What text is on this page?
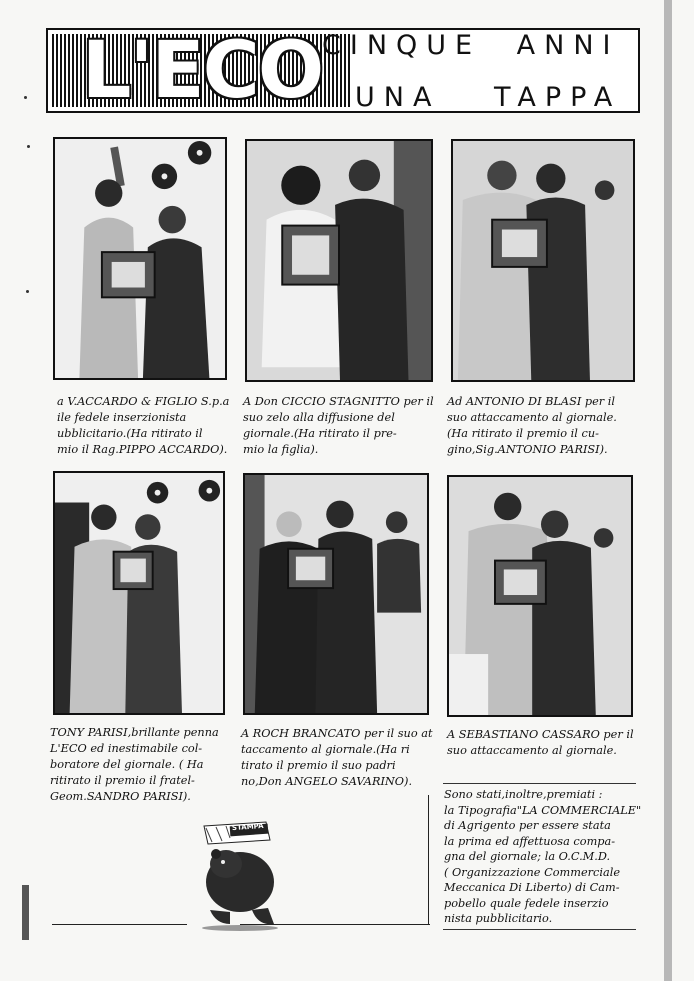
L'ECO CINQUE ANNI
UNA TAPPA

a V.ACCARDO & FIGLIO S.p.a

ile fedele inserzionista

ubblicitario.(Ha ritirato il

mio il Rag.PIPPO ACCARDO).

A Don CICCIO STAGNITTO per il

suo zelo alla diffusione del

giornale.(Ha ritirato il pre-

mio la figlia).

Ad ANTONIO DI BLASI per il

suo attaccamento al giornale.

(Ha ritirato il premio il cu-

gino,Sig.ANTONIO PARISI).

TONY PARISI,brillante penna

L'ECO ed inestimabile col-

boratore del giornale. ( Ha

ritirato il premio il fratel-

Geom.SANDRO PARISI).

A ROCH BRANCATO per il suo at

taccamento al giornale.(Ha ri

tirato il premio il suo padri

no,Don ANGELO SAVARINO).

A SEBASTIANO CASSARO per il

suo attaccamento al giornale.

Sono stati,inoltre,premiati :

la Tipografia"LA COMMERCIALE"

di Agrigento per essere stata

la prima ed affettuosa compa-

gna del giornale; la O.C.M.D.

( Organizzazione Commerciale

Meccanica Di Liberto) di Cam-

pobello quale fedele inserzio

nista pubblicitario.

STAMPA
